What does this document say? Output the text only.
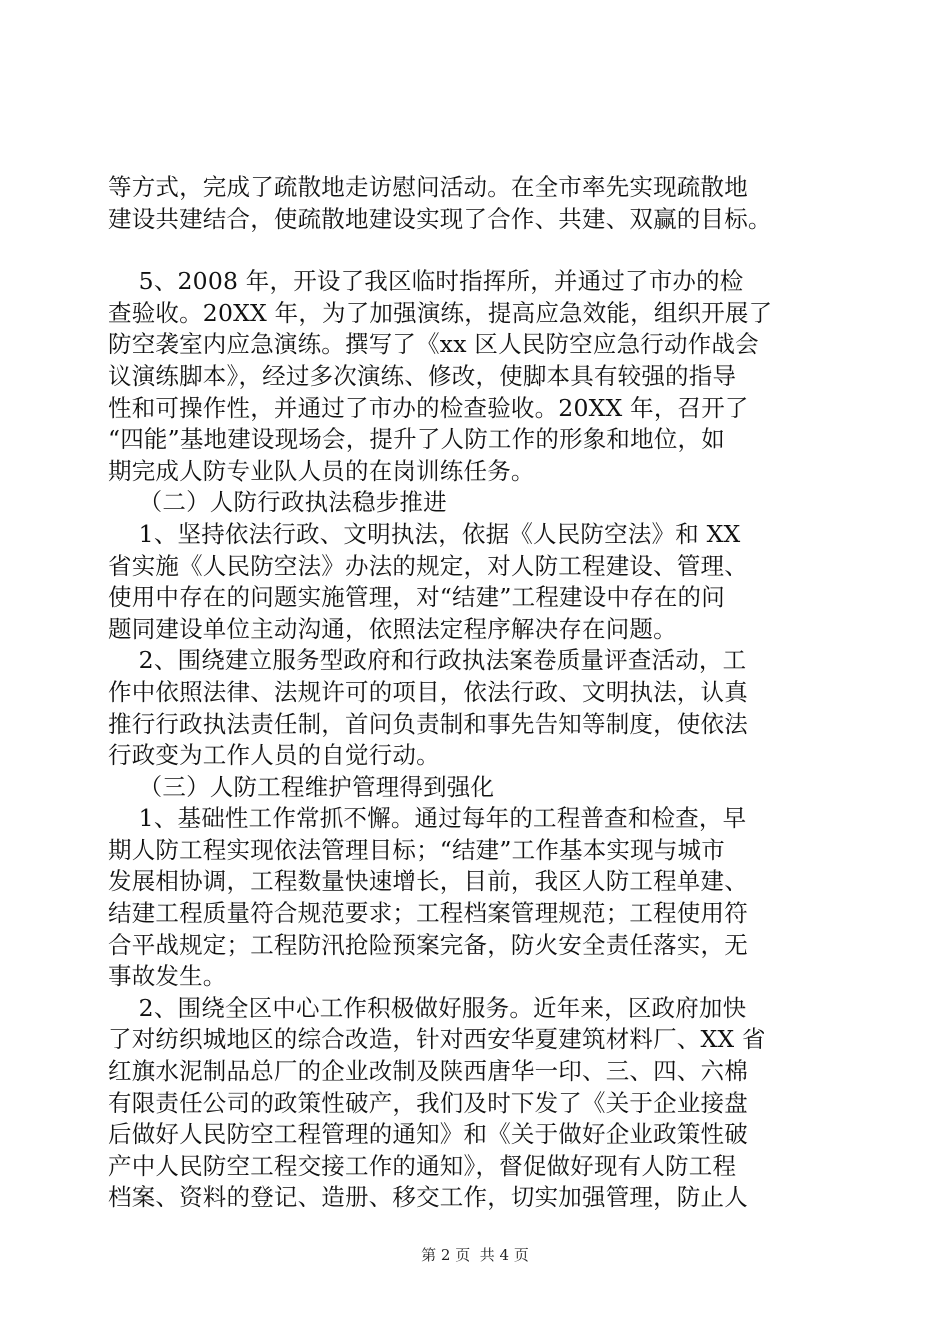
等方式，完成了疏散地走访慰问活动。在全市率先实现疏散地
建设共建结合，使疏散地建设实现了合作、共建、双赢的目标。
5、2008 年，开设了我区临时指挥所，并通过了市办的检
查验收。20XX 年，为了加强演练，提高应急效能，组织开展了
防空袭室内应急演练。撰写了《xx 区人民防空应急行动作战会
议演练脚本》，经过多次演练、修改，使脚本具有较强的指导
性和可操作性，并通过了市办的检查验收。20XX 年，召开了
“四能”基地建设现场会，提升了人防工作的形象和地位，如
期完成人防专业队人员的在岗训练任务。
（二）人防行政执法稳步推进
1、坚持依法行政、文明执法，依据《人民防空法》和 XX
省实施《人民防空法》办法的规定，对人防工程建设、管理、
使用中存在的问题实施管理，对“结建”工程建设中存在的问
题同建设单位主动沟通，依照法定程序解决存在问题。
2、围绕建立服务型政府和行政执法案卷质量评查活动，工
作中依照法律、法规许可的项目，依法行政、文明执法，认真
推行行政执法责任制，首问负责制和事先告知等制度，使依法
行政变为工作人员的自觉行动。
（三）人防工程维护管理得到强化
1、基础性工作常抓不懈。通过每年的工程普查和检查，早
期人防工程实现依法管理目标；“结建”工作基本实现与城市
发展相协调，工程数量快速增长，目前，我区人防工程单建、
结建工程质量符合规范要求；工程档案管理规范；工程使用符
合平战规定；工程防汛抢险预案完备，防火安全责任落实，无
事故发生。
2、围绕全区中心工作积极做好服务。近年来，区政府加快
了对纺织城地区的综合改造，针对西安华夏建筑材料厂、XX 省
红旗水泥制品总厂的企业改制及陕西唐华一印、三、四、六棉
有限责任公司的政策性破产，我们及时下发了《关于企业接盘
后做好人民防空工程管理的通知》和《关于做好企业政策性破
产中人民防空工程交接工作的通知》，督促做好现有人防工程
档案、资料的登记、造册、移交工作，切实加强管理，防止人
第 2 页  共 4 页
